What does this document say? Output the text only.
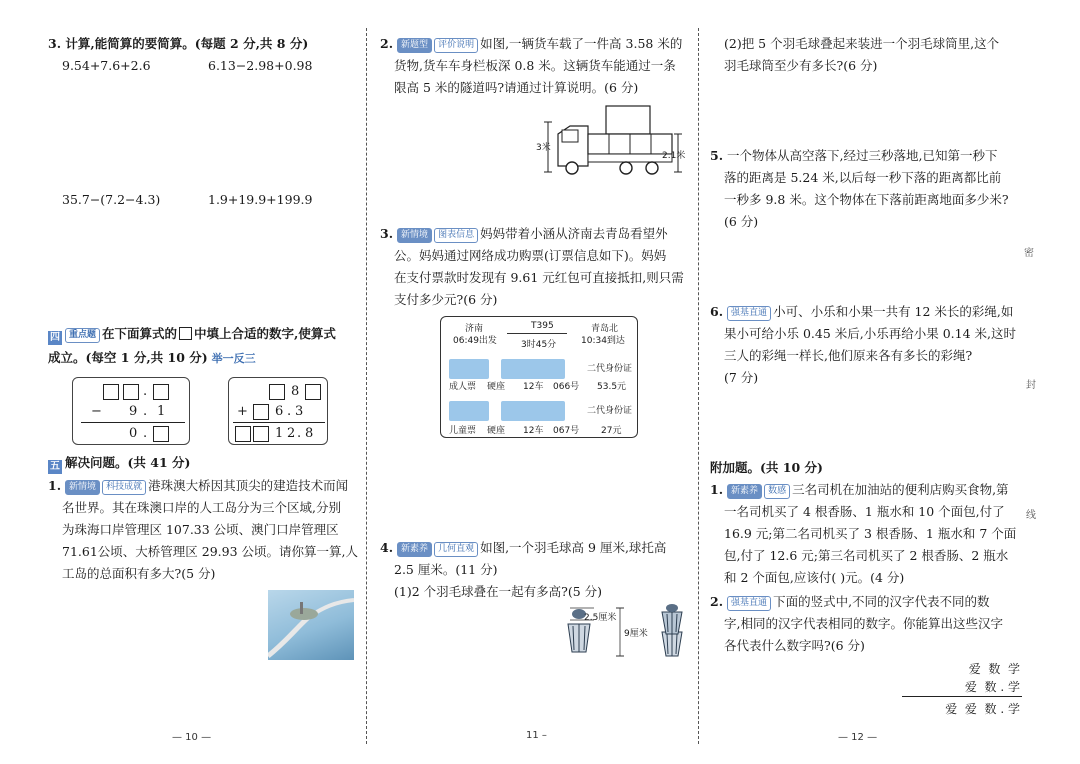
3. 计算,能简算的要简算。(每题 2 分,共 8 分)
9.54+7.6+2.6	6.13−2.98+0.98
35.7−(7.2−4.3)	1.9+19.9+199.9
四 重点题 在下面算式的 中填上合适的数字,使算式
成立。(每空 1 分,共 10 分) 举一反三
.
− 9 . 1
0 .
8
+ 6 . 3
1 2 . 8
五 解决问题。(共 41 分)
1. 新情境 科技成就 港珠澳大桥因其顶尖的建造技术而闻
名世界。其在珠澳口岸的人工岛分为三个区域,分别
为珠海口岸管理区 107.33 公顷、澳门口岸管理区
71.61公顷、大桥管理区 29.93 公顷。请你算一算,人
工岛的总面积有多大?(5 分)
— 10 —
2. 新题型 评价说明 如图,一辆货车载了一件高 3.58 米的
货物,货车车身栏板深 0.8 米。这辆货车能通过一条
限高 5 米的隧道吗?请通过计算说明。(6 分)
3米
2.1米
3. 新情境 图表信息 妈妈带着小涵从济南去青岛看望外
公。妈妈通过网络成功购票(订票信息如下)。妈妈
在支付票款时发现有 9.61 元红包可直接抵扣,则只需
支付多少元?(6 分)
济南
06:49出发
T395
3时45分
青岛北
10:34到达
二代身份证
成人票 硬座 12车 066号 53.5元
二代身份证
儿童票 硬座 12车 067号 27元
4. 新素养 几何直观 如图,一个羽毛球高 9 厘米,球托高
2.5 厘米。(11 分)
(1)2 个羽毛球叠在一起有多高?(5 分)
2.5厘米
9厘米
11 –
(2)把 5 个羽毛球叠起来装进一个羽毛球筒里,这个
羽毛球筒至少有多长?(6 分)
5. 一个物体从高空落下,经过三秒落地,已知第一秒下
落的距离是 5.24 米,以后每一秒下落的距离都比前
一秒多 9.8 米。这个物体在下落前距离地面多少米?
(6 分)
6. 强基直通 小可、小乐和小果一共有 12 米长的彩绳,如
果小可给小乐 0.45 米后,小乐再给小果 0.14 米,这时
三人的彩绳一样长,他们原来各有多长的彩绳?
(7 分)
附加题。(共 10 分)
1. 新素养 数感 三名司机在加油站的便利店购买食物,第
一名司机买了 4 根香肠、1 瓶水和 10 个面包,付了
16.9 元;第二名司机买了 3 根香肠、1 瓶水和 7 个面
包,付了 12.6 元;第三名司机买了 2 根香肠、2 瓶水
和 2 个面包,应该付( )元。(4 分)
2. 强基直通 下面的竖式中,不同的汉字代表不同的数
字,相同的汉字代表相同的数字。你能算出这些汉字
各代表什么数字吗?(6 分)
爱  数  学
爱  数 . 学
爱  爱  数 . 学
— 12 —
密
封
线
